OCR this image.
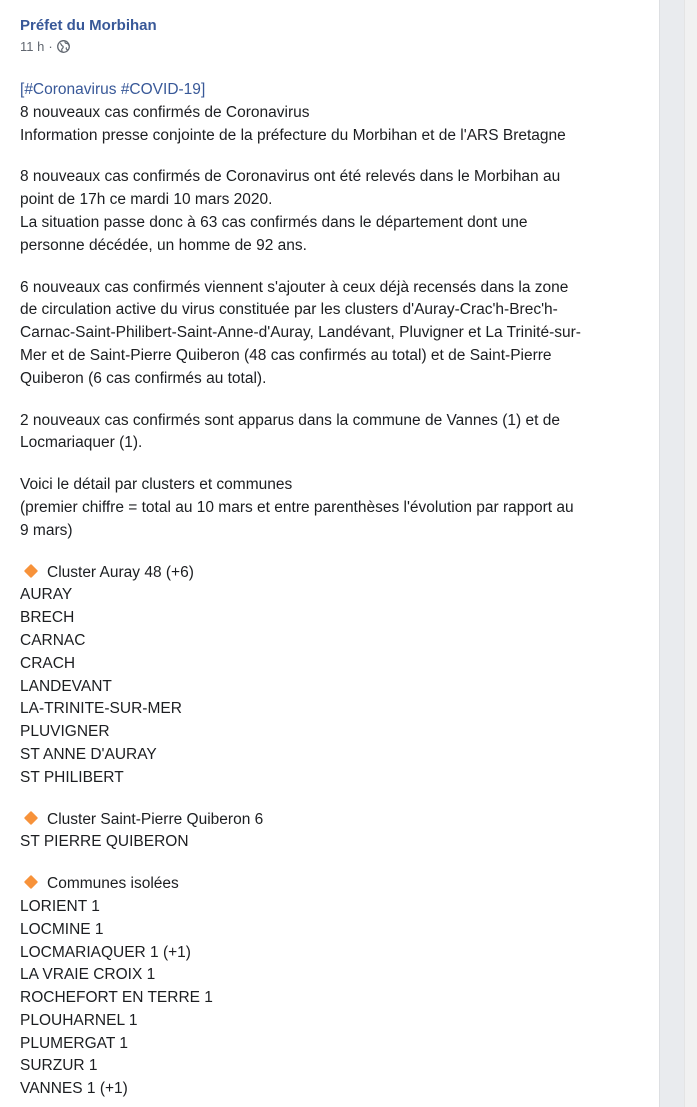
Préfet du Morbihan
11 h ·
[#Coronavirus #COVID-19]
8 nouveaux cas confirmés de Coronavirus
Information presse conjointe de la préfecture du Morbihan et de l'ARS Bretagne
8 nouveaux cas confirmés de Coronavirus ont été relevés dans le Morbihan au
point de 17h ce mardi 10 mars 2020.
La situation passe donc à 63 cas confirmés dans le département dont une
personne décédée, un homme de 92 ans.
6 nouveaux cas confirmés viennent s'ajouter à ceux déjà recensés dans la zone
de circulation active du virus constituée par les clusters d'Auray-Crac'h-Brec'h-
Carnac-Saint-Philibert-Saint-Anne-d'Auray, Landévant, Pluvigner et La Trinité-sur-
Mer et de Saint-Pierre Quiberon (48 cas confirmés au total) et de Saint-Pierre
Quiberon (6 cas confirmés au total).
2 nouveaux cas confirmés sont apparus dans la commune de Vannes (1) et de
Locmariaquer (1).
Voici le détail par clusters et communes
(premier chiffre = total au 10 mars et entre parenthèses l'évolution par rapport au
9 mars)
Cluster Auray 48 (+6)
AURAY
BRECH
CARNAC
CRACH
LANDEVANT
LA-TRINITE-SUR-MER
PLUVIGNER
ST ANNE D'AURAY
ST PHILIBERT
Cluster Saint-Pierre Quiberon 6
ST PIERRE QUIBERON
Communes isolées
LORIENT 1
LOCMINE 1
LOCMARIAQUER 1 (+1)
LA VRAIE CROIX 1
ROCHEFORT EN TERRE 1
PLOUHARNEL 1
PLUMERGAT 1
SURZUR 1
VANNES 1 (+1)
